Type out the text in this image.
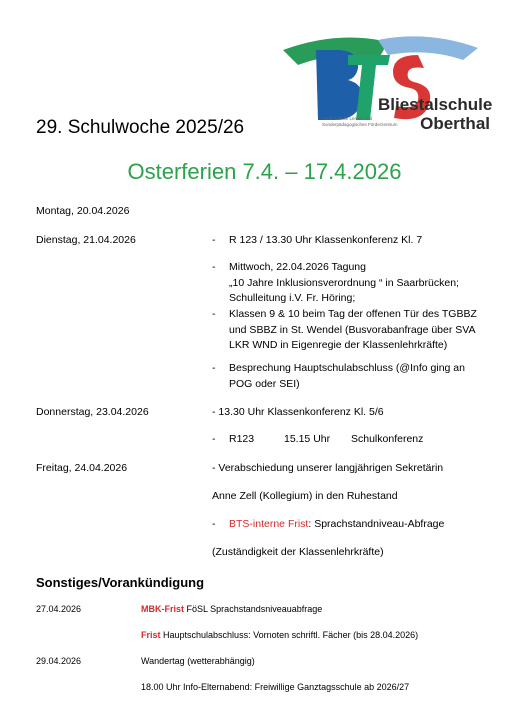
Bliestalschule
Oberthal
Förderschule Lernen und
Sonderpädagogisches Förderzentrum
29. Schulwoche 2025/26
Osterferien 7.4. – 17.4.2026
Montag, 20.04.2026
Dienstag, 21.04.2026	- R 123 / 13.30 Uhr Klassenkonferenz Kl. 7
- Mittwoch, 22.04.2026 Tagung
„10 Jahre Inklusionsverordnung “ in Saarbrücken;
Schulleitung i.V. Fr. Höring;
- Klassen 9 & 10 beim Tag der offenen Tür des TGBBZ
und SBBZ in St. Wendel (Busvorabanfrage über SVA
LKR WND in Eigenregie der Klassenlehrkräfte)
- Besprechung Hauptschulabschluss (@Info ging an
POG oder SEI)
Donnerstag, 23.04.2026	- 13.30 Uhr Klassenkonferenz Kl. 5/6
- R123	15.15 Uhr Schulkonferenz
Freitag, 24.04.2026	- Verabschiedung unserer langjährigen Sekretärin
Anne Zell (Kollegium) in den Ruhestand
- BTS-interne Frist: Sprachstandniveau-Abfrage
(Zuständigkeit der Klassenlehrkräfte)
Sonstiges/Vorankündigung
27.04.2026	MBK-Frist FöSL Sprachstandsniveauabfrage
Frist Hauptschulabschluss: Vornoten schriftl. Fächer (bis 28.04.2026)
29.04.2026	Wandertag (wetterabhängig)
18.00 Uhr Info-Elternabend: Freiwillige Ganztagsschule ab 2026/27
